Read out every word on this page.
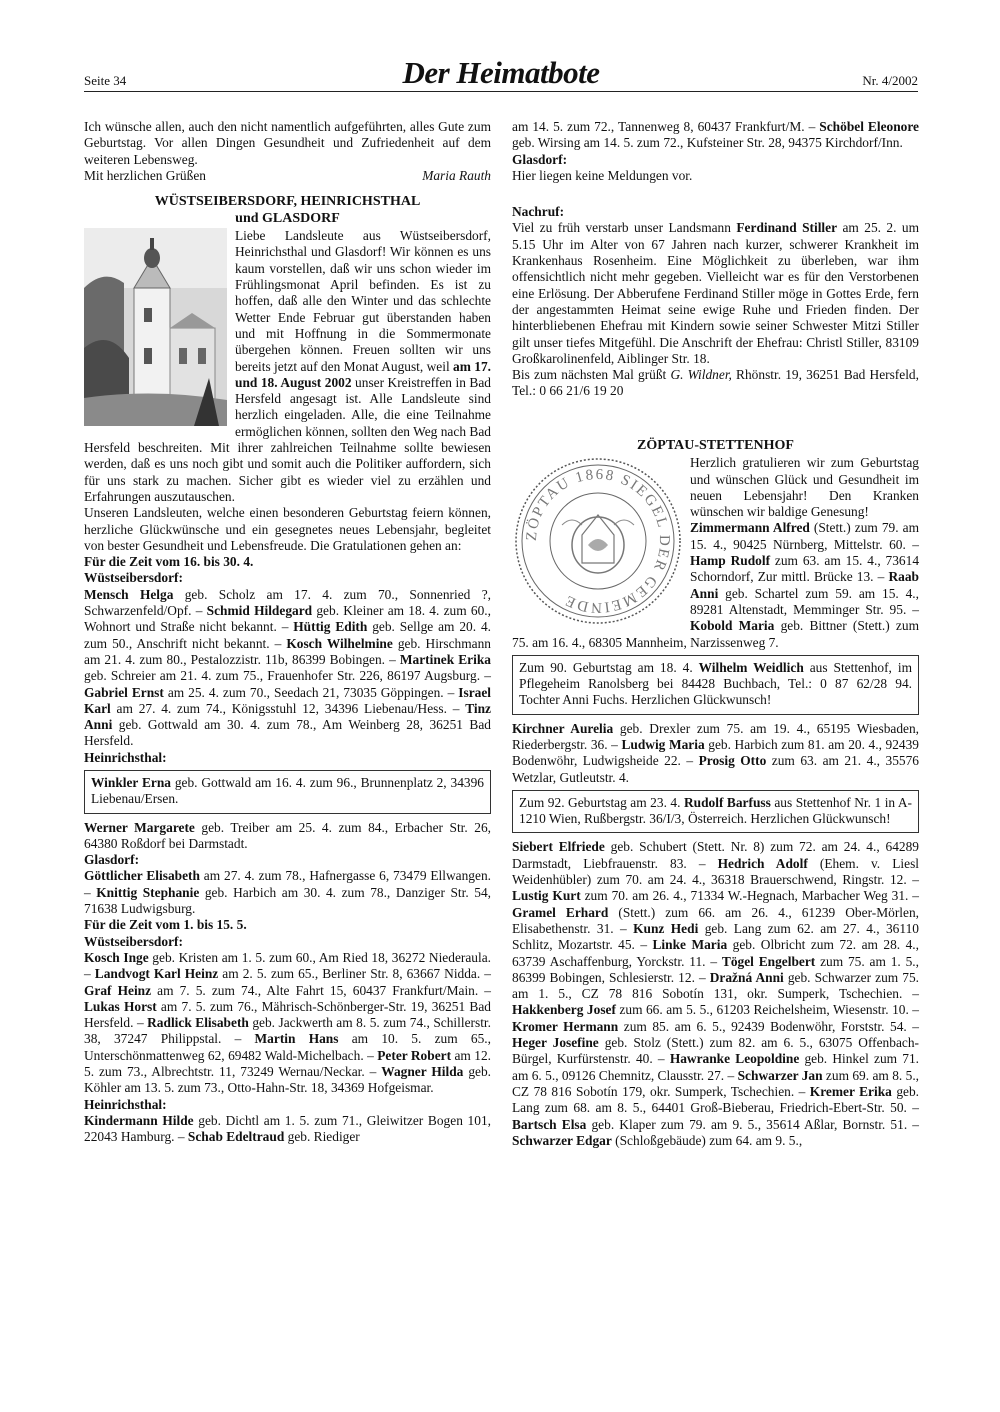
Seite 34	Der Heimatbote	Nr. 4/2002

Ich wünsche allen, auch den nicht namentlich aufgeführten, alles Gute zum Geburtstag. Vor allen Dingen Gesundheit und Zufriedenheit auf dem weiteren Lebensweg.

Mit herzlichen Grüßen	Maria Rauth

WÜSTSEIBERSDORF, HEINRICHSTHAL
und GLASDORF

Liebe Landsleute aus Wüstseibersdorf, Heinrichsthal und Glasdorf! Wir können es uns kaum vorstellen, daß wir uns schon wieder im Frühlingsmonat April befinden. Es ist zu hoffen, daß alle den Winter und das schlechte Wetter Ende Februar gut überstanden haben und mit Hoffnung in die Sommermonate übergehen können. Freuen sollten wir uns bereits jetzt auf den Monat August, weil am 17. und 18. August 2002 unser Kreistreffen in Bad Hersfeld angesagt ist. Alle Landsleute sind herzlich eingeladen. Alle, die eine Teilnahme ermöglichen können, sollten den Weg nach Bad Hersfeld beschreiten. Mit ihrer zahlreichen Teilnahme sollte bewiesen werden, daß es uns noch gibt und somit auch die Politiker auffordern, sich für uns stark zu machen. Sicher gibt es wieder viel zu erzählen und Erfahrungen auszutauschen.

Unseren Landsleuten, welche einen besonderen Geburtstag feiern können, herzliche Glückwünsche und ein gesegnetes neues Lebensjahr, begleitet von bester Gesundheit und Lebensfreude. Die Gratulationen gehen an:

Für die Zeit vom 16. bis 30. 4.

Wüstseibersdorf:

Mensch Helga geb. Scholz am 17. 4. zum 70., Sonnenried ?, Schwarzenfeld/Opf. – Schmid Hildegard geb. Kleiner am 18. 4. zum 60., Wohnort und Straße nicht bekannt. – Hüttig Edith geb. Sellge am 20. 4. zum 50., Anschrift nicht bekannt. – Kosch Wilhelmine geb. Hirschmann am 21. 4. zum 80., Pestalozzistr. 11b, 86399 Bobingen. – Martinek Erika geb. Schreier am 21. 4. zum 75., Frauenhofer Str. 226, 86197 Augsburg. – Gabriel Ernst am 25. 4. zum 70., Seedach 21, 73035 Göppingen. – Israel Karl am 27. 4. zum 74., Königsstuhl 12, 34396 Liebenau/Hess. – Tinz Anni geb. Gottwald am 30. 4. zum 78., Am Weinberg 28, 36251 Bad Hersfeld.

Heinrichsthal:

Winkler Erna geb. Gottwald am 16. 4. zum 96., Brunnenplatz 2, 34396 Liebenau/Ersen.

Werner Margarete geb. Treiber am 25. 4. zum 84., Erbacher Str. 26, 64380 Roßdorf bei Darmstadt.

Glasdorf:

Göttlicher Elisabeth am 27. 4. zum 78., Hafnergasse 6, 73479 Ellwangen. – Knittig Stephanie geb. Harbich am 30. 4. zum 78., Danziger Str. 54, 71638 Ludwigsburg.

Für die Zeit vom 1. bis 15. 5.

Wüstseibersdorf:

Kosch Inge geb. Kristen am 1. 5. zum 60., Am Ried 18, 36272 Niederaula. – Landvogt Karl Heinz am 2. 5. zum 65., Berliner Str. 8, 63667 Nidda. – Graf Heinz am 7. 5. zum 74., Alte Fahrt 15, 60437 Frankfurt/Main. – Lukas Horst am 7. 5. zum 76., Mährisch-Schönberger-Str. 19, 36251 Bad Hersfeld. – Radlick Elisabeth geb. Jackwerth am 8. 5. zum 74., Schillerstr. 38, 37247 Philippstal. – Martin Hans am 10. 5. zum 65., Unterschönmattenweg 62, 69482 Wald-Michelbach. – Peter Robert am 12. 5. zum 73., Albrechtstr. 11, 73249 Wernau/Neckar. – Wagner Hilda geb. Köhler am 13. 5. zum 73., Otto-Hahn-Str. 18, 34369 Hofgeismar.

Heinrichsthal:

Kindermann Hilde geb. Dichtl am 1. 5. zum 71., Gleiwitzer Bogen 101, 22043 Hamburg. – Schab Edeltraud geb. Riediger

am 14. 5. zum 72., Tannenweg 8, 60437 Frankfurt/M. – Schöbel Eleonore geb. Wirsing am 14. 5. zum 72., Kufsteiner Str. 28, 94375 Kirchdorf/Inn.

Glasdorf:

Hier liegen keine Meldungen vor.

Nachruf:

Viel zu früh verstarb unser Landsmann Ferdinand Stiller am 25. 2. um 5.15 Uhr im Alter von 67 Jahren nach kurzer, schwerer Krankheit im Krankenhaus Rosenheim. Eine Möglichkeit zu überleben, war ihm offensichtlich nicht mehr gegeben. Vielleicht war es für den Verstorbenen eine Erlösung. Der Abberufene Ferdinand Stiller möge in Gottes Erde, fern der angestammten Heimat seine ewige Ruhe und Frieden finden. Der hinterbliebenen Ehefrau mit Kindern sowie seiner Schwester Mitzi Stiller gilt unser tiefes Mitgefühl. Die Anschrift der Ehefrau: Christl Stiller, 83109 Großkarolinenfeld, Aiblinger Str. 18.

Bis zum nächsten Mal grüßt G. Wildner, Rhönstr. 19, 36251 Bad Hersfeld, Tel.: 0 66 21/6 19 20

ZÖPTAU-STETTENHOF
ZÖPTAU 1868 SIEGEL DER GEMEINDE

Herzlich gratulieren wir zum Geburtstag und wünschen Glück und Gesundheit im neuen Lebensjahr! Den Kranken wünschen wir baldige Genesung!

Zimmermann Alfred (Stett.) zum 79. am 15. 4., 90425 Nürnberg, Mittelstr. 60. – Hamp Rudolf zum 63. am 15. 4., 73614 Schorndorf, Zur mittl. Brücke 13. – Raab Anni geb. Schartel zum 59. am 15. 4., 89281 Altenstadt, Memminger Str. 95. –Kobold Maria geb. Bittner (Stett.) zum 75. am 16. 4., 68305 Mannheim, Narzissenweg 7.

Zum 90. Geburtstag am 18. 4. Wilhelm Weidlich aus Stettenhof, im Pflegeheim Ranolsberg bei 84428 Buchbach, Tel.: 0 87 62/28 94. Tochter Anni Fuchs. Herzlichen Glückwunsch!

Kirchner Aurelia geb. Drexler zum 75. am 19. 4., 65195 Wiesbaden, Riederbergstr. 36. – Ludwig Maria geb. Harbich zum 81. am 20. 4., 92439 Bodenwöhr, Ludwigsheide 22. – Prosig Otto zum 63. am 21. 4., 35576 Wetzlar, Gutleutstr. 4.

Zum 92. Geburtstag am 23. 4. Rudolf Barfuss aus Stettenhof Nr. 1 in A-1210 Wien, Rußbergstr. 36/I/3, Österreich. Herzlichen Glückwunsch!

Siebert Elfriede geb. Schubert (Stett. Nr. 8) zum 72. am 24. 4., 64289 Darmstadt, Liebfrauenstr. 83. – Hedrich Adolf (Ehem. v. Liesl Weidenhübler) zum 70. am 24. 4., 36318 Brauerschwend, Ringstr. 12. – Lustig Kurt zum 70. am 26. 4., 71334 W.-Hegnach, Marbacher Weg 31. – Gramel Erhard (Stett.) zum 66. am 26. 4., 61239 Ober-Mörlen, Elisabethenstr. 31. – Kunz Hedi geb. Lang zum 62. am 27. 4., 36110 Schlitz, Mozartstr. 45. – Linke Maria geb. Olbricht zum 72. am 28. 4., 63739 Aschaffenburg, Yorckstr. 11. – Tögel Engelbert zum 75. am 1. 5., 86399 Bobingen, Schlesierstr. 12. – Dražná Anni geb. Schwarzer zum 75. am 1. 5., CZ 78 816 Sobotín 131, okr. Sumperk, Tschechien. – Hakkenberg Josef zum 66. am 5. 5., 61203 Reichelsheim, Wiesenstr. 10. – Kromer Hermann zum 85. am 6. 5., 92439 Bodenwöhr, Forststr. 54. – Heger Josefine geb. Stolz (Stett.) zum 82. am 6. 5., 63075 Offenbach-Bürgel, Kurfürstenstr. 40. – Hawranke Leopoldine geb. Hinkel zum 71. am 6. 5., 09126 Chemnitz, Clausstr. 27. – Schwarzer Jan zum 69. am 8. 5., CZ 78 816 Sobotín 179, okr. Sumperk, Tschechien. – Kremer Erika geb. Lang zum 68. am 8. 5., 64401 Groß-Bieberau, Friedrich-Ebert-Str. 50. – Bartsch Elsa geb. Klaper zum 79. am 9. 5., 35614 Aßlar, Bornstr. 51. – Schwarzer Edgar (Schloßgebäude) zum 64. am 9. 5.,
